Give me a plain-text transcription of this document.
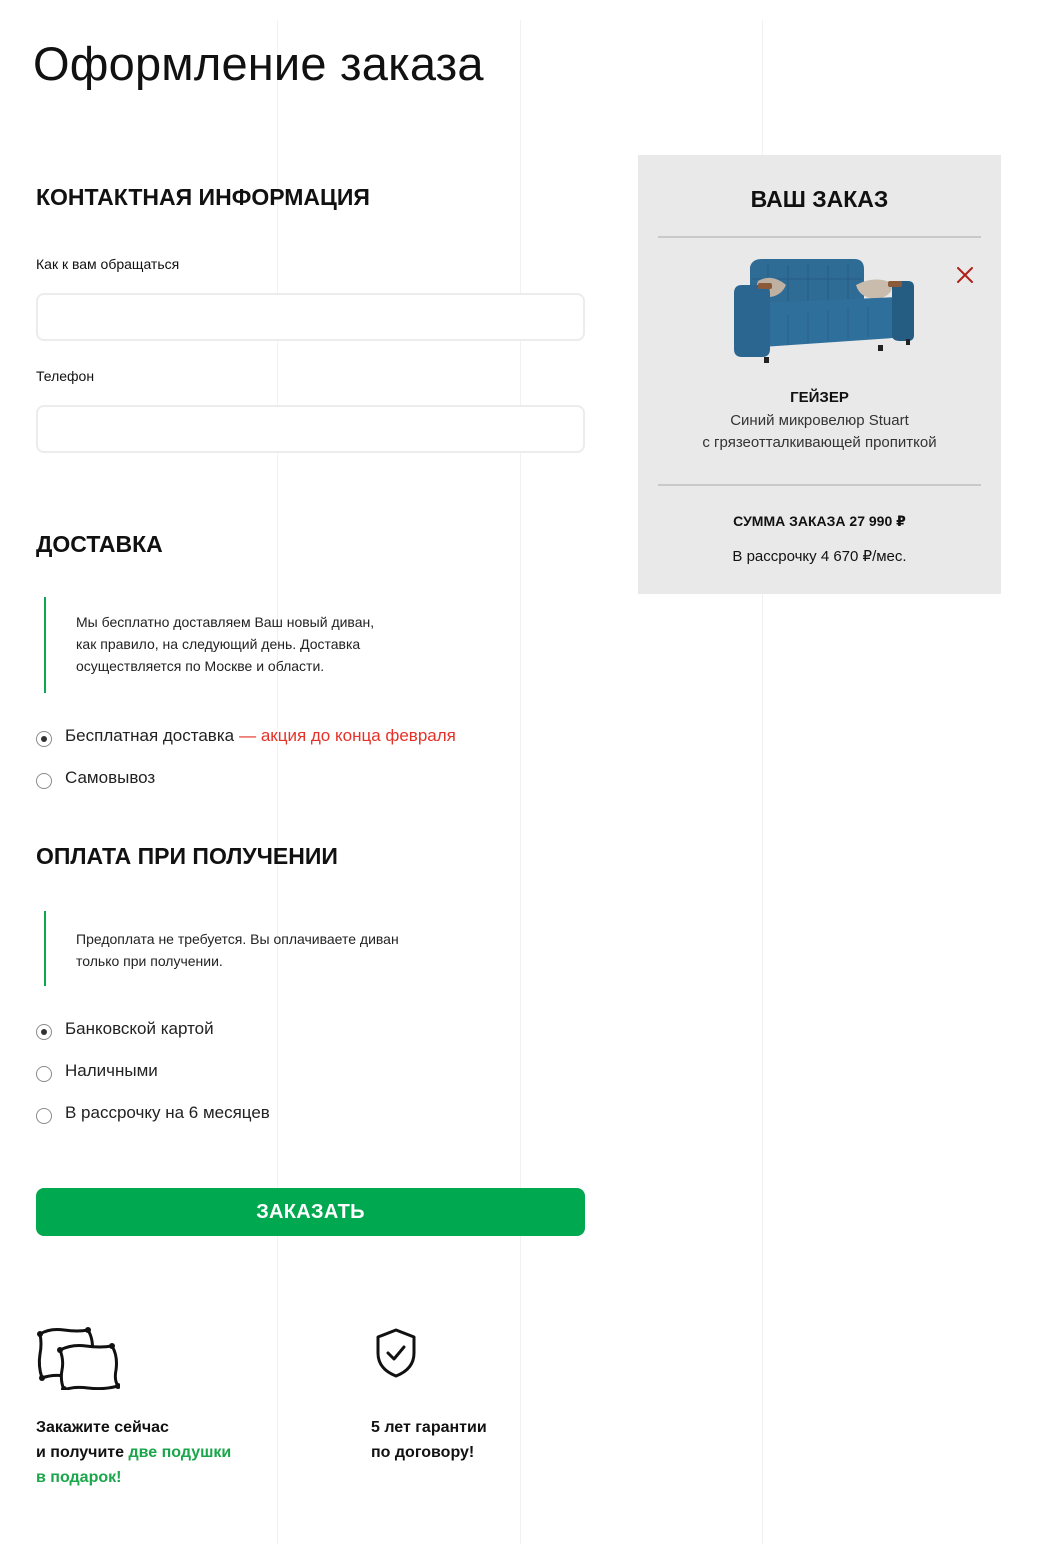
Оформление заказа
КОНТАКТНАЯ ИНФОРМАЦИЯ
Как к вам обращаться
Телефон
ДОСТАВКА
Мы бесплатно доставляем Ваш новый диван,
как правило, на следующий день. Доставка
осуществляется по Москве и области.
Бесплатная доставка — акция до конца февраля
Самовывоз
ОПЛАТА ПРИ ПОЛУЧЕНИИ
Предоплата не требуется. Вы оплачиваете диван
только при получении.
Банковской картой
Наличными
В рассрочку на 6 месяцев
ЗАКАЗАТЬ
ВАШ ЗАКАЗ
ГЕЙЗЕР
Синий микровелюр Stuart
с грязеотталкивающей пропиткой
СУММА ЗАКАЗА 27 990 ₽
В рассрочку 4 670 ₽/мес.
Закажите сейчас
и получите две подушки
в подарок!
5 лет гарантии
по договору!
